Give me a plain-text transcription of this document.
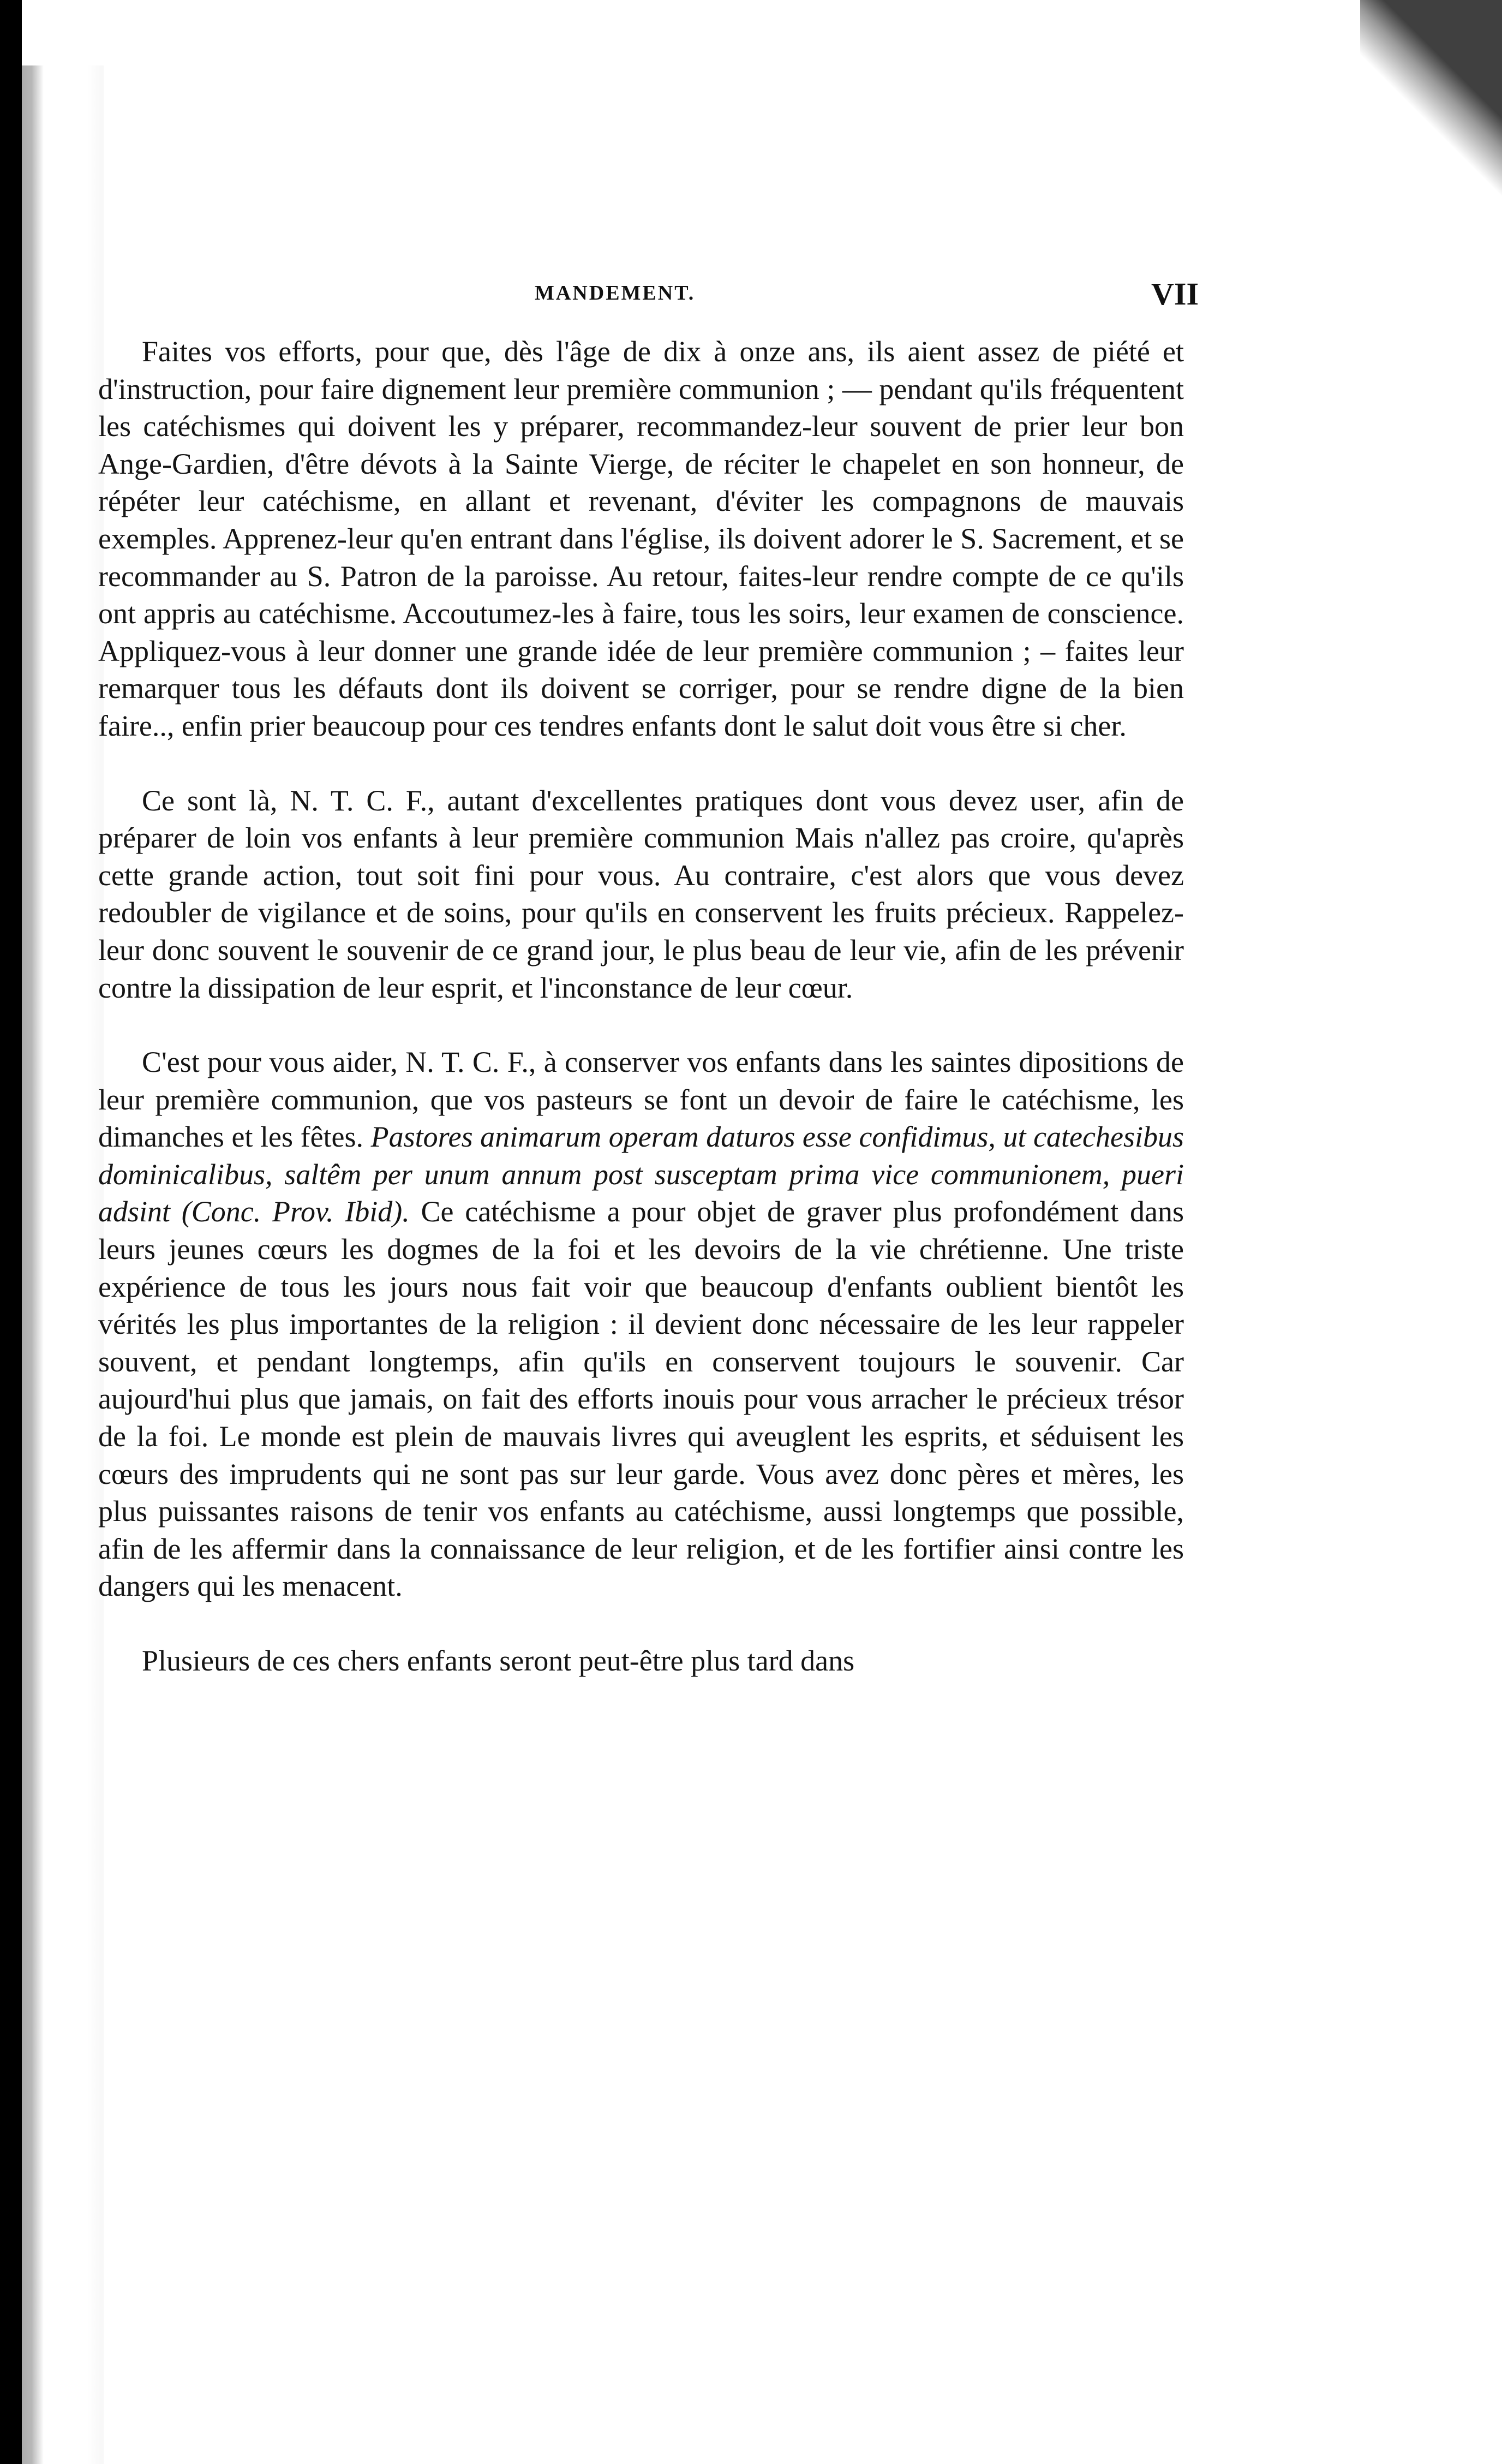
MANDEMENT.	VII

Faites vos efforts, pour que, dès l'âge de dix à onze ans, ils aient assez de piété et d'instruction, pour faire dignement leur première communion ; — pendant qu'ils fréquentent les catéchismes qui doivent les y préparer, recommandez-leur souvent de prier leur bon Ange-Gardien, d'être dévots à la Sainte Vierge, de réciter le chapelet en son honneur, de répéter leur catéchisme, en allant et revenant, d'éviter les compagnons de mauvais exemples. Apprenez-leur qu'en entrant dans l'église, ils doivent adorer le S. Sacrement, et se recommander au S. Patron de la paroisse. Au retour, faites-leur rendre compte de ce qu'ils ont appris au catéchisme. Accoutumez-les à faire, tous les soirs, leur examen de conscience. Appliquez-vous à leur donner une grande idée de leur première communion ; – faites leur remarquer tous les défauts dont ils doivent se corriger, pour se rendre digne de la bien faire.., enfin prier beaucoup pour ces tendres enfants dont le salut doit vous être si cher.

Ce sont là, N. T. C. F., autant d'excellentes pratiques dont vous devez user, afin de préparer de loin vos enfants à leur première communion Mais n'allez pas croire, qu'après cette grande action, tout soit fini pour vous. Au contraire, c'est alors que vous devez redoubler de vigilance et de soins, pour qu'ils en conservent les fruits précieux. Rappelez-leur donc souvent le souvenir de ce grand jour, le plus beau de leur vie, afin de les prévenir contre la dissipation de leur esprit, et l'inconstance de leur cœur.

C'est pour vous aider, N. T. C. F., à conserver vos enfants dans les saintes dipositions de leur première communion, que vos pasteurs se font un devoir de faire le catéchisme, les dimanches et les fêtes. Pastores animarum operam daturos esse confidimus, ut catechesibus dominicalibus, saltêm per unum annum post susceptam prima vice communionem, pueri adsint (Conc. Prov. Ibid). Ce catéchisme a pour objet de graver plus profondément dans leurs jeunes cœurs les dogmes de la foi et les devoirs de la vie chrétienne. Une triste expérience de tous les jours nous fait voir que beaucoup d'enfants oublient bientôt les vérités les plus importantes de la religion : il devient donc nécessaire de les leur rappeler souvent, et pendant longtemps, afin qu'ils en conservent toujours le souvenir. Car aujourd'hui plus que jamais, on fait des efforts inouis pour vous arracher le précieux trésor de la foi. Le monde est plein de mauvais livres qui aveuglent les esprits, et séduisent les cœurs des imprudents qui ne sont pas sur leur garde. Vous avez donc pères et mères, les plus puissantes raisons de tenir vos enfants au catéchisme, aussi longtemps que possible, afin de les affermir dans la connaissance de leur religion, et de les fortifier ainsi contre les dangers qui les menacent.

Plusieurs de ces chers enfants seront peut-être plus tard dans
